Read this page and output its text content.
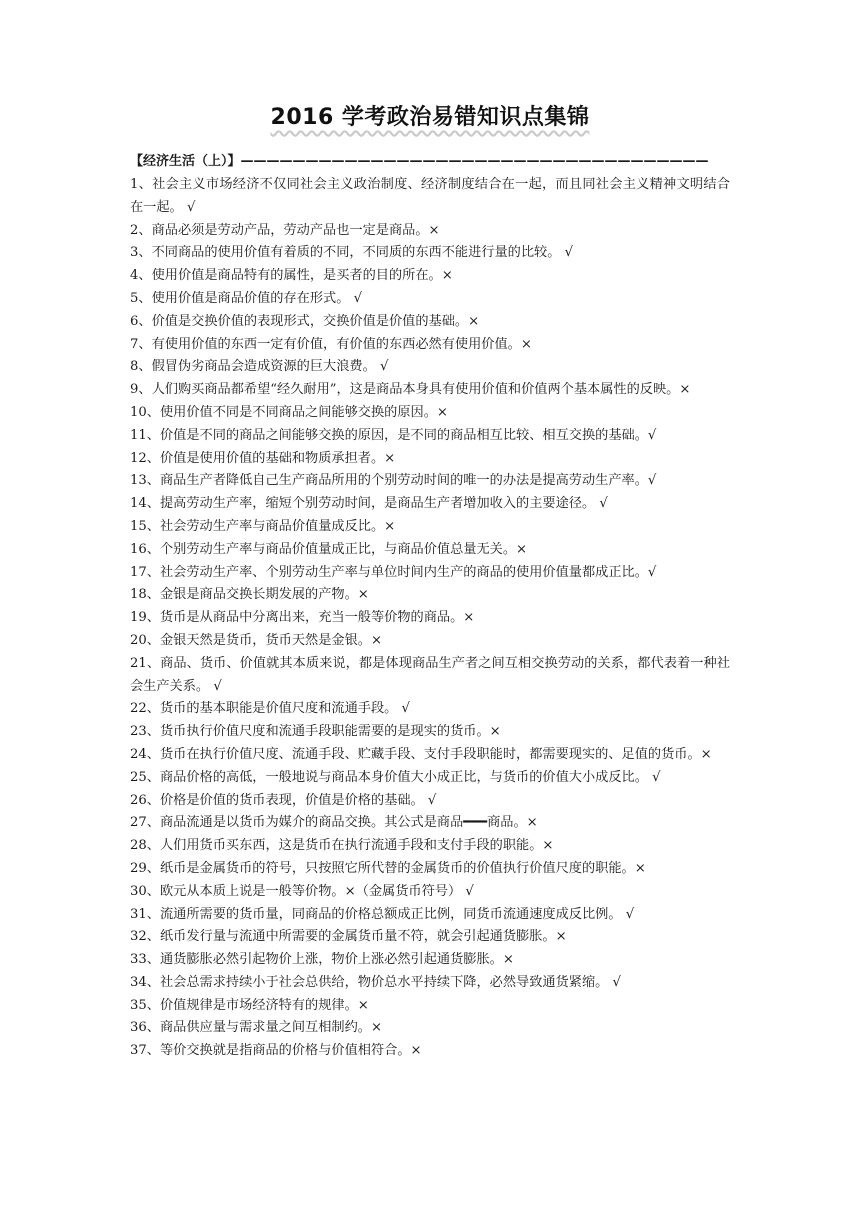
2016 学考政治易错知识点集锦
【经济生活（上）】————————————————————————————————————
1、社会主义市场经济不仅同社会主义政治制度、经济制度结合在一起，而且同社会主义精神文明结合在一起。 √
2、商品必须是劳动产品，劳动产品也一定是商品。×
3、不同商品的使用价值有着质的不同，不同质的东西不能进行量的比较。 √
4、使用价值是商品特有的属性，是买者的目的所在。×
5、使用价值是商品价值的存在形式。 √
6、价值是交换价值的表现形式，交换价值是价值的基础。×
7、有使用价值的东西一定有价值，有价值的东西必然有使用价值。×
8、假冒伪劣商品会造成资源的巨大浪费。 √
9、人们购买商品都希望“经久耐用”，这是商品本身具有使用价值和价值两个基本属性的反映。×
10、使用价值不同是不同商品之间能够交换的原因。×
11、价值是不同的商品之间能够交换的原因，是不同的商品相互比较、相互交换的基础。√
12、价值是使用价值的基础和物质承担者。×
13、商品生产者降低自己生产商品所用的个别劳动时间的唯一的办法是提高劳动生产率。√
14、提高劳动生产率，缩短个别劳动时间，是商品生产者增加收入的主要途径。 √
15、社会劳动生产率与商品价值量成反比。×
16、个别劳动生产率与商品价值量成正比，与商品价值总量无关。×
17、社会劳动生产率、个别劳动生产率与单位时间内生产的商品的使用价值量都成正比。√
18、金银是商品交换长期发展的产物。×
19、货币是从商品中分离出来，充当一般等价物的商品。×
20、金银天然是货币，货币天然是金银。×
21、商品、货币、价值就其本质来说，都是体现商品生产者之间互相交换劳动的关系，都代表着一种社会生产关系。 √
22、货币的基本职能是价值尺度和流通手段。 √
23、货币执行价值尺度和流通手段职能需要的是现实的货币。×
24、货币在执行价值尺度、流通手段、贮藏手段、支付手段职能时，都需要现实的、足值的货币。×
25、商品价格的高低，一般地说与商品本身价值大小成正比，与货币的价值大小成反比。 √
26、价格是价值的货币表现，价值是价格的基础。 √
27、商品流通是以货币为媒介的商品交换。其公式是商品━━━商品。×
28、人们用货币买东西，这是货币在执行流通手段和支付手段的职能。×
29、纸币是金属货币的符号，只按照它所代替的金属货币的价值执行价值尺度的职能。×
30、欧元从本质上说是一般等价物。×（金属货币符号） √
31、流通所需要的货币量，同商品的价格总额成正比例，同货币流通速度成反比例。 √
32、纸币发行量与流通中所需要的金属货币量不符，就会引起通货膨胀。×
33、通货膨胀必然引起物价上涨，物价上涨必然引起通货膨胀。×
34、社会总需求持续小于社会总供给，物价总水平持续下降，必然导致通货紧缩。 √
35、价值规律是市场经济特有的规律。×
36、商品供应量与需求量之间互相制约。×
37、等价交换就是指商品的价格与价值相符合。×
